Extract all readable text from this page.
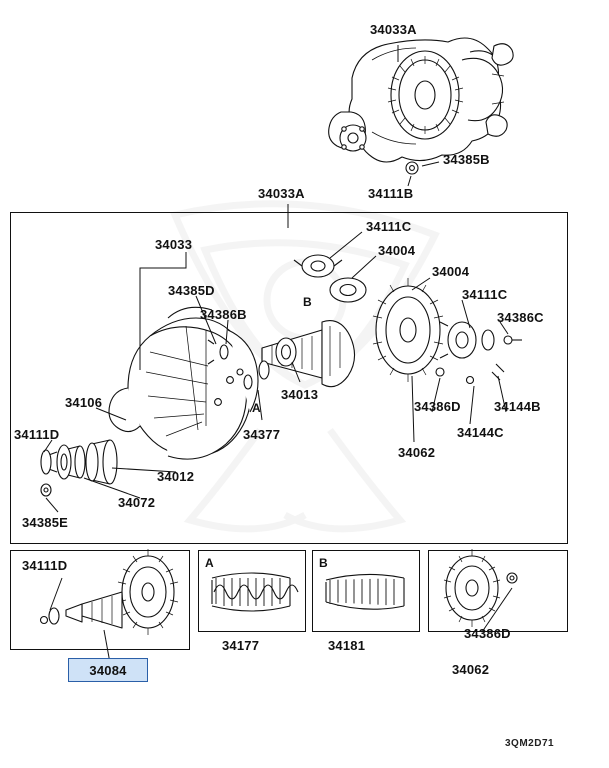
34033A
34385B
34111B
34033A
34111C
34033	34004
34004
34385D	34111C
34386B	34386C
34013
34106	34386D	34144B
34377	34144C
34111D
34062
34012
34072
34385E
A
B
34111D	A	B
34386D
34177	34181
34062
34084
3QM2D71
